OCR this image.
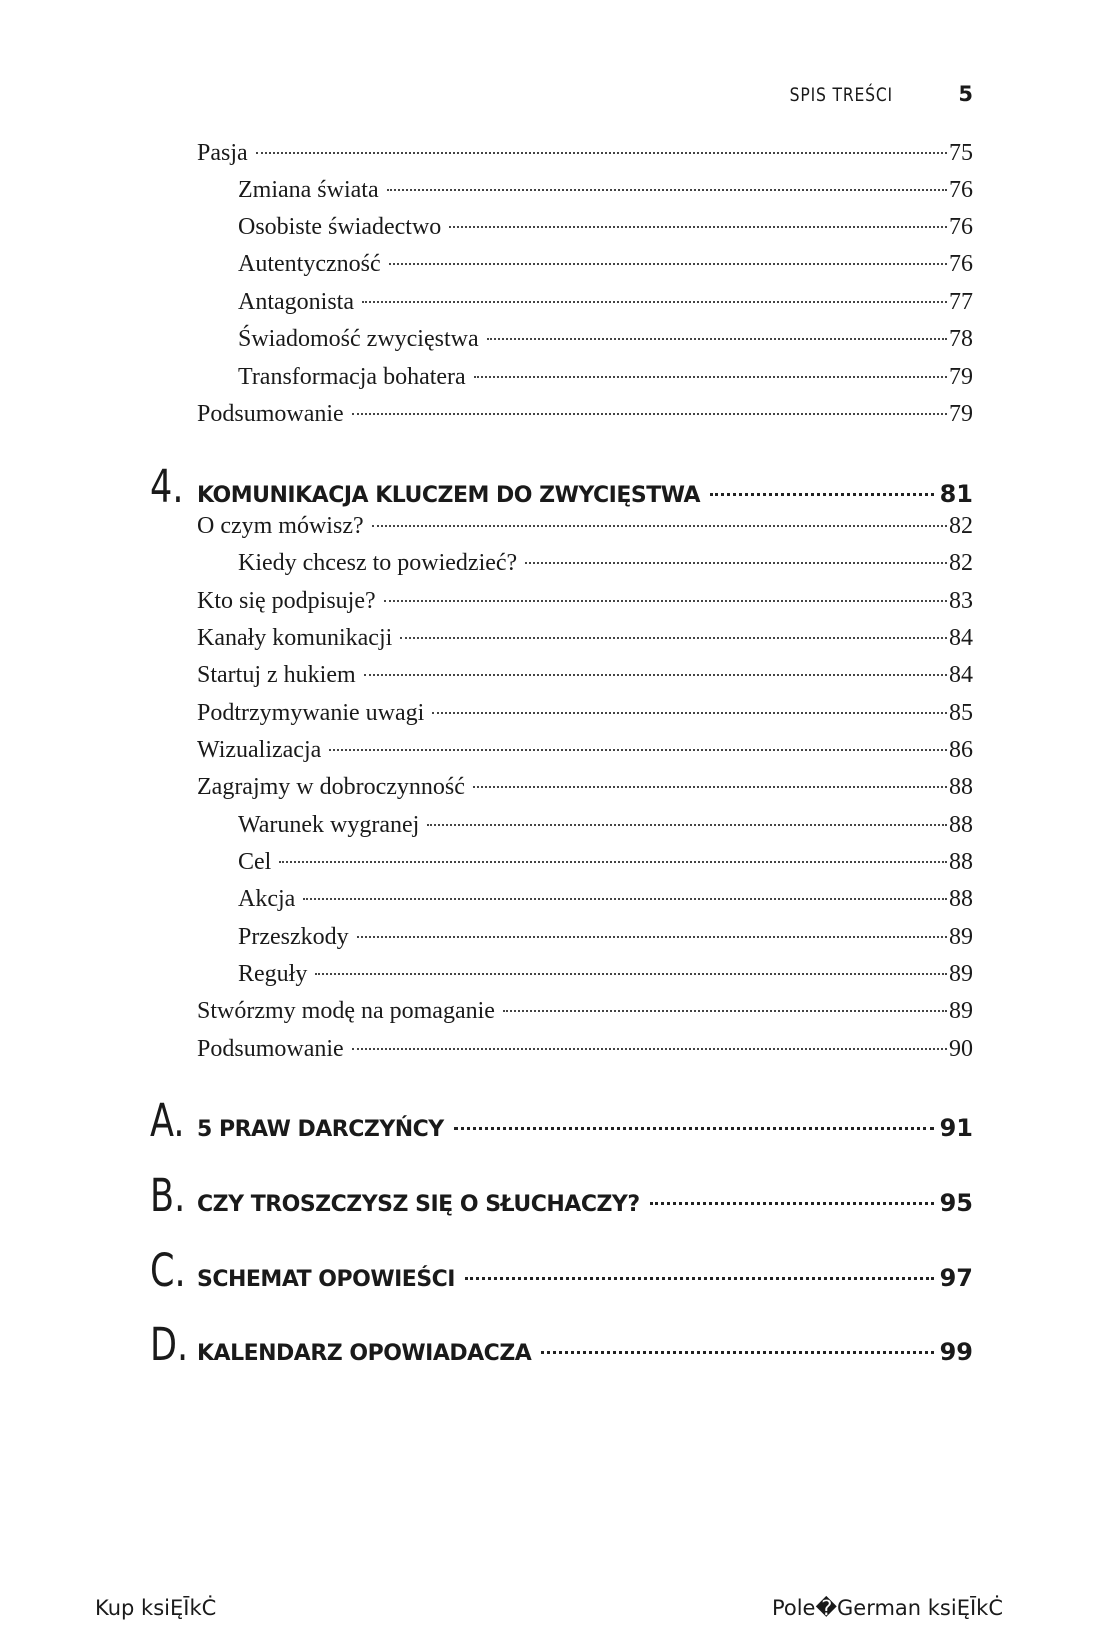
SPIS TREŚCI	5
Pasja	75
Zmiana świata	76
Osobiste świadectwo	76
Autentyczność	76
Antagonista	77
Świadomość zwycięstwa	78
Transformacja bohatera	79
Podsumowanie	79
4. KOMUNIKACJA KLUCZEM DO ZWYCIĘSTWA	81
O czym mówisz?	82
Kiedy chcesz to powiedzieć?	82
Kto się podpisuje?	83
Kanały komunikacji	84
Startuj z hukiem	84
Podtrzymywanie uwagi	85
Wizualizacja	86
Zagrajmy w dobroczynność	88
Warunek wygranej	88
Cel	88
Akcja	88
Przeszkody	89
Reguły	89
Stwórzmy modę na pomaganie	89
Podsumowanie	90
A. 5 PRAW DARCZYŃCY	91
B. CZY TROSZCZYSZ SIĘ O SŁUCHACZY?	95
C. SCHEMAT OPOWIEŚCI	97
D. KALENDARZ OPOWIADACZA	99
Kup ksiĘĪkĊ	Pole�German ksiĘĪkĊ
